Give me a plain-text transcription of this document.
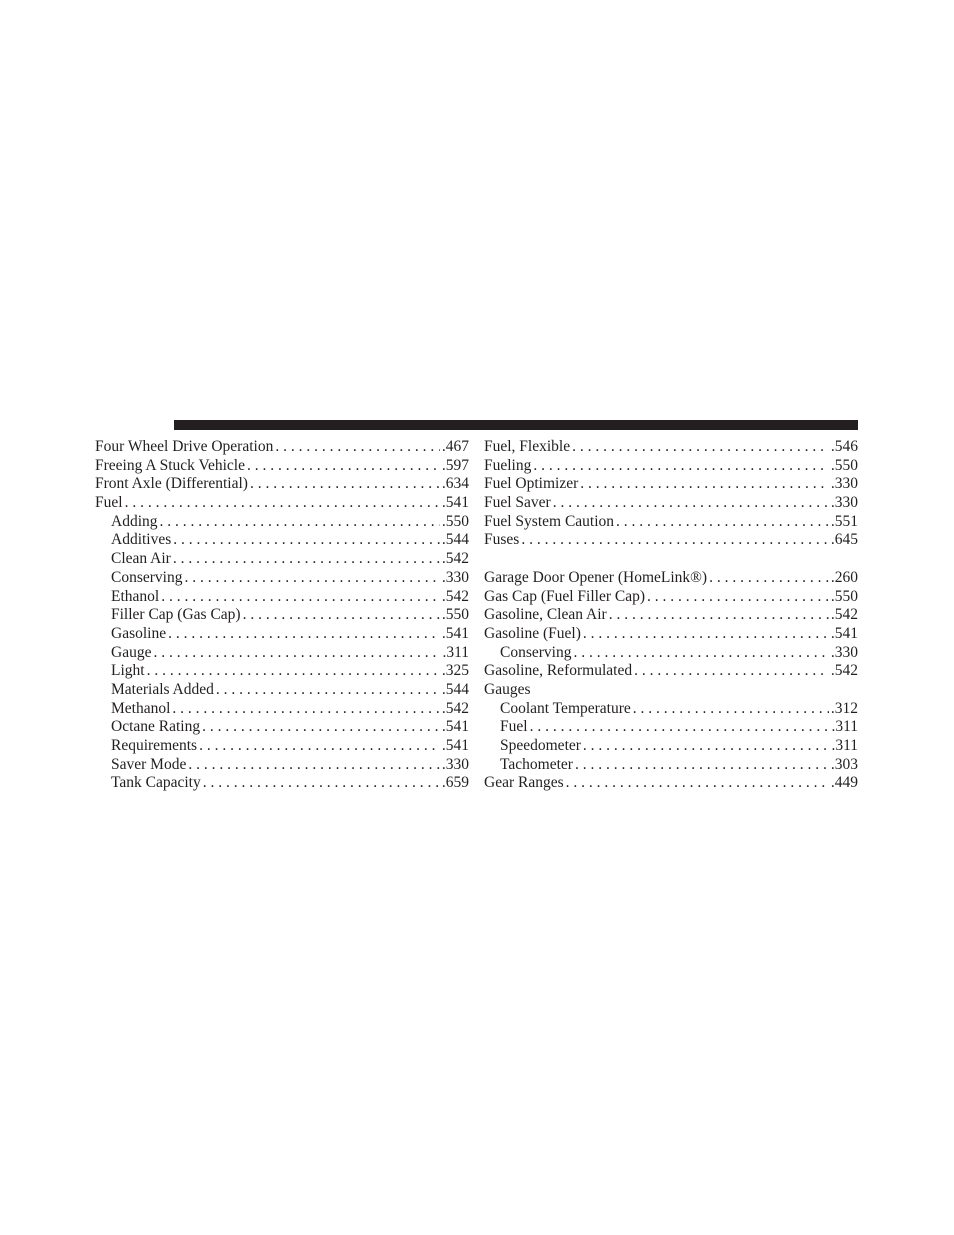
Four Wheel Drive Operation . . .	.467
Freeing A Stuck Vehicle . . .	.597
Front Axle (Differential) . . .	.634
Fuel . . .	.541
Adding . . .	.550
Additives . . .	.544
Clean Air . . .	.542
Conserving . . .	.330
Ethanol . . .	.542
Filler Cap (Gas Cap) . . .	.550
Gasoline . . .	.541
Gauge . . .	.311
Light . . .	.325
Materials Added . . .	.544
Methanol . . .	.542
Octane Rating . . .	.541
Requirements . . .	.541
Saver Mode . . .	.330
Tank Capacity . . .	.659
Fuel, Flexible . . .	.546
Fueling . . .	.550
Fuel Optimizer . . .	.330
Fuel Saver . . .	.330
Fuel System Caution . . .	.551
Fuses . . .	.645
Garage Door Opener (HomeLink®) . . .	.260
Gas Cap (Fuel Filler Cap) . . .	.550
Gasoline, Clean Air . . .	.542
Gasoline (Fuel) . . .	.541
Conserving . . .	.330
Gasoline, Reformulated . . .	.542
Gauges
Coolant Temperature . . .	.312
Fuel . . .	.311
Speedometer . . .	.311
Tachometer . . .	.303
Gear Ranges . . .	.449
